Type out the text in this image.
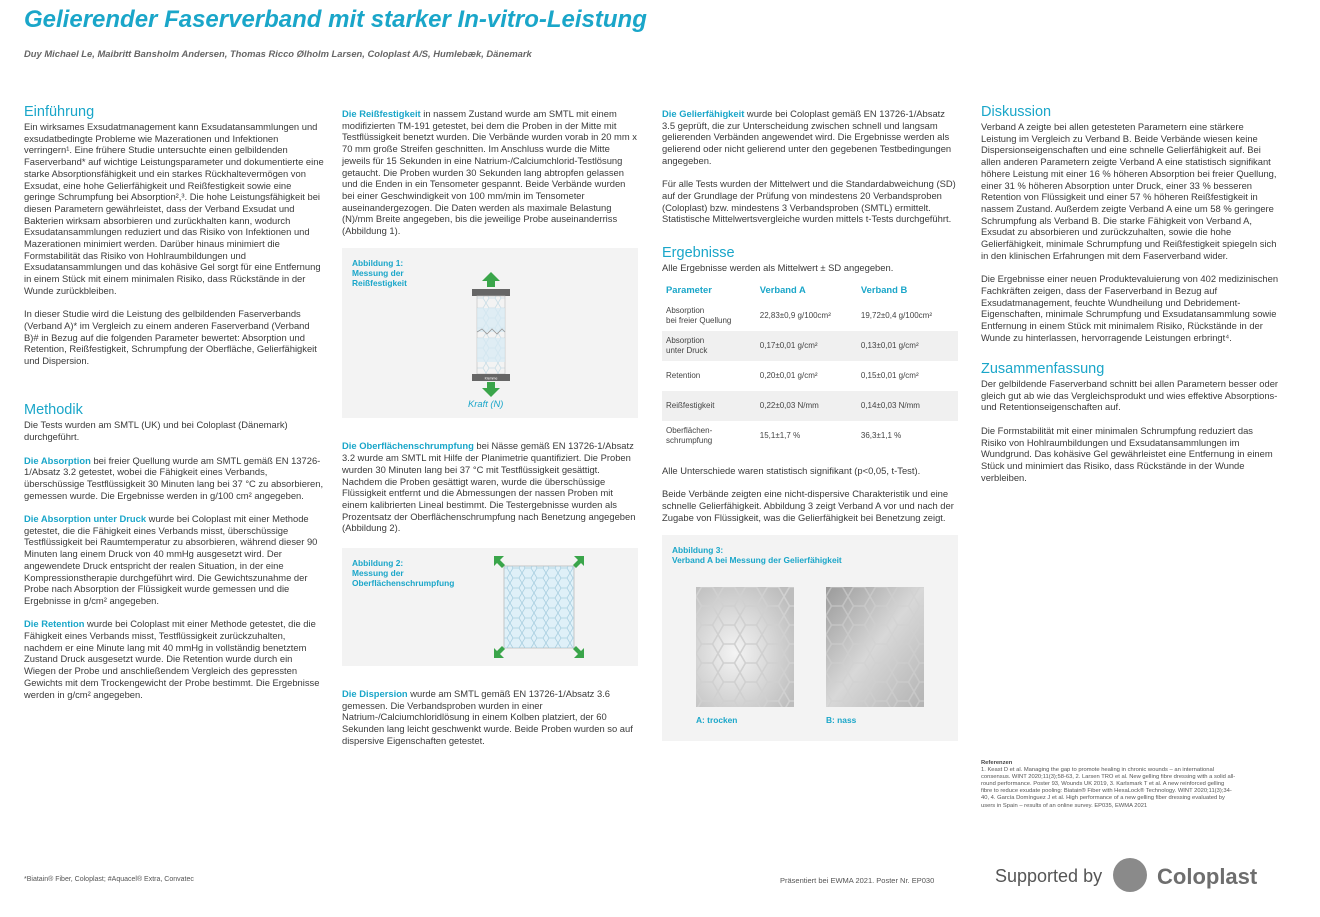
Gelierender Faserverband mit starker In-vitro-Leistung
Duy Michael Le, Maibritt Bansholm Andersen, Thomas Ricco Ølholm Larsen, Coloplast A/S, Humlebæk, Dänemark
Einführung

Ein wirksames Exsudatmanagement kann Exsudatansammlungen und exsudatbedingte Probleme wie Mazerationen und Infektionen verringern¹. Eine frühere Studie untersuchte einen gelbildenden Faserverband* auf wichtige Leistungsparameter und dokumentierte eine starke Absorptionsfähigkeit und ein starkes Rückhaltevermögen von Exsudat, eine hohe Gelierfähigkeit und Reißfestigkeit sowie eine geringe Schrumpfung bei Absorption²,³. Die hohe Leistungsfähigkeit bei diesen Parametern gewährleistet, dass der Verband Exsudat und Bakterien wirksam absorbieren und zurückhalten kann, wodurch Exsudatansammlungen reduziert und das Risiko von Infektionen und Mazerationen minimiert werden. Darüber hinaus minimiert die Formstabilität das Risiko von Hohlraumbildungen und Exsudatansammlungen und das kohäsive Gel sorgt für eine Entfernung in einem Stück mit einem minimalen Risiko, dass Rückstände in der Wunde zurückbleiben.

In dieser Studie wird die Leistung des gelbildenden Faserverbands (Verband A)* im Vergleich zu einem anderen Faserverband (Verband B)# in Bezug auf die folgenden Parameter bewertet: Absorption und Retention, Reißfestigkeit, Schrumpfung der Oberfläche, Gelierfähigkeit und Dispersion.

Methodik

Die Tests wurden am SMTL (UK) und bei Coloplast (Dänemark) durchgeführt.

Die Absorption bei freier Quellung wurde am SMTL gemäß EN 13726-1/Absatz 3.2 getestet, wobei die Fähigkeit eines Verbands, überschüssige Testflüssigkeit 30 Minuten lang bei 37 °C zu absorbieren, gemessen wurde. Die Ergebnisse werden in g/100 cm² angegeben.

Die Absorption unter Druck wurde bei Coloplast mit einer Methode getestet, die die Fähigkeit eines Verbands misst, überschüssige Testflüssigkeit bei Raumtemperatur zu absorbieren, während dieser 90 Minuten lang einem Druck von 40 mmHg ausgesetzt wird. Der angewendete Druck entspricht der realen Situation, in der eine Kompressionstherapie durchgeführt wird. Die Gewichtszunahme der Probe nach Absorption der Flüssigkeit wurde gemessen und die Ergebnisse in g/cm² angegeben.

Die Retention wurde bei Coloplast mit einer Methode getestet, die die Fähigkeit eines Verbands misst, Testflüssigkeit zurückzuhalten, nachdem er eine Minute lang mit 40 mmHg in vollständig benetztem Zustand Druck ausgesetzt wurde. Die Retention wurde durch ein Wiegen der Probe und anschließendem Vergleich des gepressten Gewichts mit dem Trockengewicht der Probe bestimmt. Die Ergebnisse werden in g/cm² angegeben.

Die Reißfestigkeit in nassem Zustand wurde am SMTL mit einem modifizierten TM-191 getestet, bei dem die Proben in der Mitte mit Testflüssigkeit benetzt wurden. Die Verbände wurden vorab in 20 mm x 70 mm große Streifen geschnitten. Im Anschluss wurde die Mitte jeweils für 15 Sekunden in eine Natrium-/Calciumchlorid-Testlösung getaucht. Die Proben wurden 30 Sekunden lang abtropfen gelassen und die Enden in ein Tensometer gespannt. Beide Verbände wurden bei einer Geschwindigkeit von 100 mm/min im Tensometer auseinandergezogen. Die Daten werden als maximale Belastung (N)/mm Breite angegeben, bis die jeweilige Probe auseinanderriss (Abbildung 1).

Abbildung 1:
Messung der
Reißfestigkeit
Klemme
Kraft (N)

Die Oberflächenschrumpfung bei Nässe gemäß EN 13726-1/Absatz 3.2 wurde am SMTL mit Hilfe der Planimetrie quantifiziert. Die Proben wurden 30 Minuten lang bei 37 °C mit Testflüssigkeit gesättigt. Nachdem die Proben gesättigt waren, wurde die überschüssige Flüssigkeit entfernt und die Abmessungen der nassen Proben mit einem kalibrierten Lineal bestimmt. Die Testergebnisse wurden als Prozentsatz der Oberflächenschrumpfung nach Benetzung angegeben (Abbildung 2).

Abbildung 2:
Messung der
Oberflächenschrumpfung

Die Dispersion wurde am SMTL gemäß EN 13726-1/Absatz 3.6 gemessen. Die Verbandsproben wurden in einer Natrium-/Calciumchloridlösung in einem Kolben platziert, der 60 Sekunden lang leicht geschwenkt wurde. Beide Proben wurden so auf dispersive Eigenschaften getestet.

Die Gelierfähigkeit wurde bei Coloplast gemäß EN 13726-1/Absatz 3.5 geprüft, die zur Unterscheidung zwischen schnell und langsam gelierenden Verbänden angewendet wird. Die Ergebnisse werden als gelierend oder nicht gelierend unter den gegebenen Testbedingungen angegeben.

Für alle Tests wurden der Mittelwert und die Standardabweichung (SD) auf der Grundlage der Prüfung von mindestens 20 Verbandsproben (Coloplast) bzw. mindestens 3 Verbandsproben (SMTL) ermittelt. Statistische Mittelwertsvergleiche wurden mittels t-Tests durchgeführt.

Ergebnisse

Alle Ergebnisse werden als Mittelwert ± SD angegeben.

Parameter	Verband A	Verband B
Absorption
bei freier Quellung	22,83±0,9 g/100cm²	19,72±0,4 g/100cm²
Absorption
unter Druck	0,17±0,01 g/cm²	0,13±0,01 g/cm²
Retention	0,20±0,01 g/cm²	0,15±0,01 g/cm²
Reißfestigkeit	0,22±0,03 N/mm	0,14±0,03 N/mm
Oberflächen-
schrumpfung	15,1±1,7 %	36,3±1,1 %

Alle Unterschiede waren statistisch signifikant (p<0,05, t-Test).

Beide Verbände zeigten eine nicht-dispersive Charakteristik und eine schnelle Gelierfähigkeit. Abbildung 3 zeigt Verband A vor und nach der Zugabe von Flüssigkeit, was die Gelierfähigkeit bei Benetzung zeigt.

Abbildung 3:
Verband A bei Messung der Gelierfähigkeit
A: trocken	B: nass
Diskussion

Verband A zeigte bei allen getesteten Parametern eine stärkere Leistung im Vergleich zu Verband B. Beide Verbände wiesen keine Dispersionseigenschaften und eine schnelle Gelierfähigkeit auf. Bei allen anderen Parametern zeigte Verband A eine statistisch signifikant höhere Leistung mit einer 16 % höheren Absorption bei freier Quellung, einer 31 % höheren Absorption unter Druck, einer 33 % besseren Retention von Flüssigkeit und einer 57 % höheren Reißfestigkeit in nassem Zustand. Außerdem zeigte Verband A eine um 58 % geringere Schrumpfung als Verband B. Die starke Fähigkeit von Verband A, Exsudat zu absorbieren und zurückzuhalten, sowie die hohe Gelierfähigkeit, minimale Schrumpfung und Reißfestigkeit spiegeln sich in den klinischen Erfahrungen mit dem Faserverband wider.

Die Ergebnisse einer neuen Produktevaluierung von 402 medizinischen Fachkräften zeigen, dass der Faserverband in Bezug auf Exsudatmanagement, feuchte Wundheilung und Debridement-Eigenschaften, minimale Schrumpfung und Exsudatansammlung sowie Entfernung in einem Stück mit minimalem Risiko, Rückstände in der Wunde zu hinterlassen, hervorragende Leistungen erbringt⁴.

Zusammenfassung

Der gelbildende Faserverband schnitt bei allen Parametern besser oder gleich gut ab wie das Vergleichsprodukt und wies effektive Absorptions- und Retentionseigenschaften auf.

Die Formstabilität mit einer minimalen Schrumpfung reduziert das Risiko von Hohlraumbildungen und Exsudatansammlungen im Wundgrund. Das kohäsive Gel gewährleistet eine Entfernung in einem Stück und minimiert das Risiko, dass Rückstände in der Wunde verbleiben.

Referenzen
1. Keast D et al. Managing the gap to promote healing in chronic wounds – an international consensus. WINT 2020;11(3);58-63, 2. Larsen TRO et al. New gelling fibre dressing with a solid all-round performance. Poster 93, Wounds UK 2019, 3. Karlsmark T et al. A new reinforced gelling fibre to reduce exudate pooling: Biatain® Fiber with HexaLock® Technology. WINT 2020;11(3);34-40, 4. García Domínguez J et al. High performance of a new gelling fiber dressing evaluated by users in Spain – results of an online survey. EP035, EWMA 2021
*Biatain® Fiber, Coloplast; #Aquacel® Extra, Convatec	Präsentiert bei EWMA 2021. Poster Nr. EP030	Supported by Coloplast
